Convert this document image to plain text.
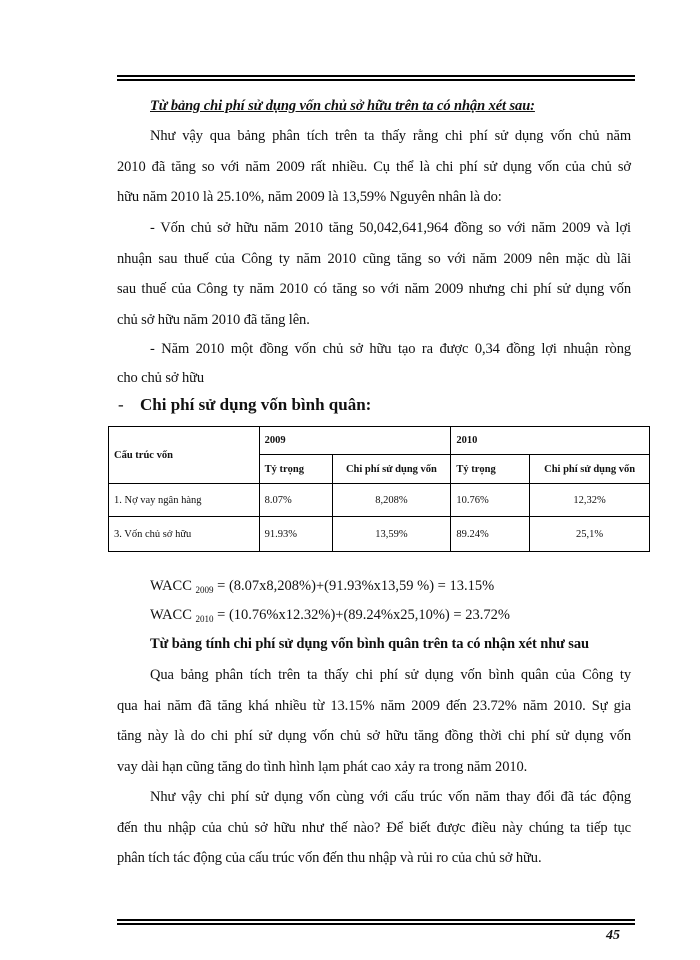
Từ bảng chi phí sử dụng vốn chủ sở hữu trên ta có nhận xét sau:
Như vậy qua bảng phân tích trên ta thấy rằng chi phí sử dụng vốn chủ năm
2010 đã tăng so với năm 2009 rất nhiều. Cụ thể là chi phí sử dụng vốn của chủ sở
hữu năm 2010 là 25.10%, năm 2009 là 13,59% Nguyên nhân là do:
- Vốn chủ sở hữu năm 2010 tăng 50,042,641,964 đồng so với năm 2009 và lợi
nhuận sau thuế của Công ty năm 2010 cũng tăng so với năm 2009 nên mặc dù lãi
sau thuế của Công ty năm 2010 có tăng so với năm 2009 nhưng chi phí sử dụng vốn
chủ sở hữu năm 2010 đã tăng lên.
- Năm 2010 một đồng vốn chủ sở hữu tạo ra được 0,34 đồng lợi nhuận ròng
cho chủ sở hữu
- Chi phí sử dụng vốn bình quân:
Cấu trúc vốn	2009		2010	
	Tỷ trọng	Chi phí sử dụng vốn	Tỷ trọng	Chi phí sử dụng vốn
1. Nợ vay ngân hàng	8.07%	8,208%	10.76%	12,32%
3. Vốn chủ sở hữu	91.93%	13,59%	89.24%	25,1%
WACC $_{2009}$ = (8.07x8,208%)+(91.93%x13,59 %) = 13.15%
WACC $_{2010}$ = (10.76%x12.32%)+(89.24%x25,10%) = 23.72%
Từ bảng tính chi phí sử dụng vốn bình quân trên ta có nhận xét như sau
Qua bảng phân tích trên ta thấy chi phí sử dụng vốn bình quân của Công ty
qua hai năm đã tăng khá nhiều từ 13.15% năm 2009 đến 23.72% năm 2010. Sự gia
tăng này là do chi phí sử dụng vốn chủ sở hữu tăng đồng thời chi phí sử dụng vốn
vay dài hạn cũng tăng do tình hình lạm phát cao xảy ra trong năm 2010.
Như vậy chi phí sử dụng vốn cùng với cấu trúc vốn năm thay đổi đã tác động
đến thu nhập của chủ sở hữu như thế nào? Để biết được điều này chúng ta tiếp tục
phân tích tác động của cấu trúc vốn đến thu nhập và rủi ro của chủ sở hữu.
45
